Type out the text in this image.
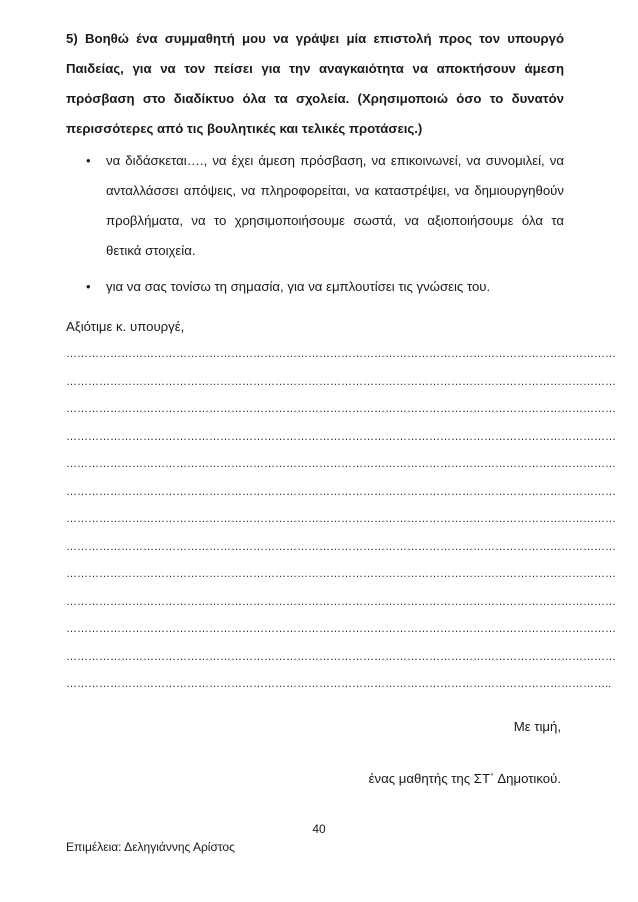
5) Βοηθώ ένα συμμαθητή μου να γράψει μία επιστολή προς τον υπουργό Παιδείας, για να τον πείσει για την αναγκαιότητα να αποκτήσουν άμεση πρόσβαση στο διαδίκτυο όλα τα σχολεία. (Χρησιμοποιώ όσο το δυνατόν περισσότερες από τις βουλητικές και τελικές προτάσεις.)
• να διδάσκεται…., να έχει άμεση πρόσβαση, να επικοινωνεί, να συνομιλεί, να ανταλλάσσει απόψεις, να πληροφορείται, να καταστρέψει, να δημιουργηθούν προβλήματα, να το χρησιμοποιήσουμε σωστά, να αξιοποιήσουμε όλα τα θετικά στοιχεία.
• για να σας τονίσω τη σημασία, για να εμπλουτίσει τις γνώσεις του.
Αξιότιμε κ. υπουργέ,
……………………………………………………………………………………………………………………………………
……………………………………………………………………………………………………………………………………
……………………………………………………………………………………………………………………………………
……………………………………………………………………………………………………………………………………
……………………………………………………………………………………………………………………………………
……………………………………………………………………………………………………………………………………
……………………………………………………………………………………………………………………………………
……………………………………………………………………………………………………………………………………
……………………………………………………………………………………………………………………………………
……………………………………………………………………………………………………………………………………
……………………………………………………………………………………………………………………………………
……………………………………………………………………………………………………………………………………
…………………………………………………………………………………………………………………………………..
Με τιμή,
ένας μαθητής της ΣΤ΄ Δημοτικού.
40
Επιμέλεια: Δεληγιάννης Αρίστος
